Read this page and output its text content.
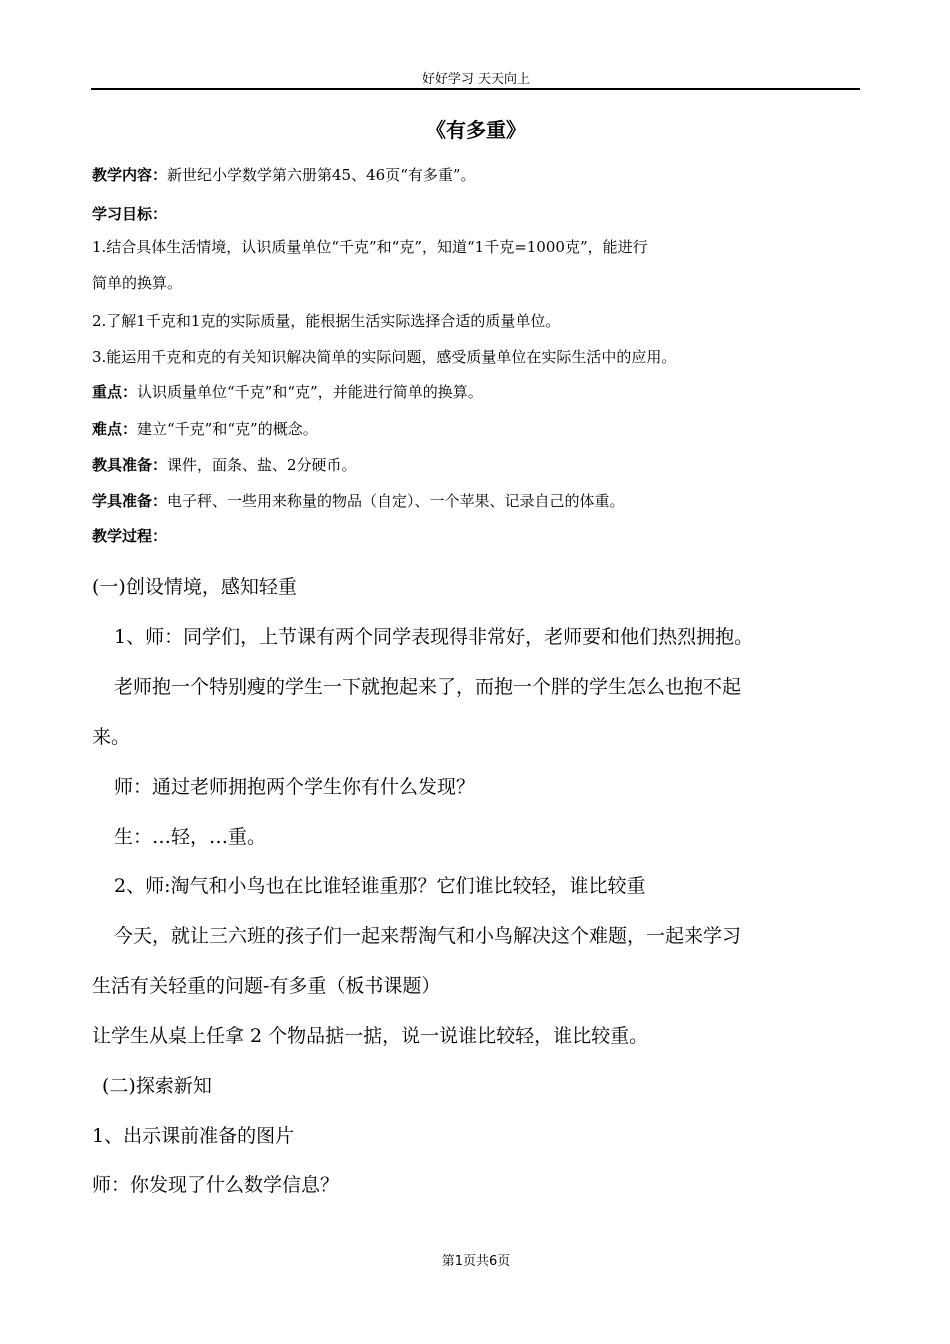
好好学习 天天向上
《有多重》
教学内容：新世纪小学数学第六册第45、46页“有多重”。
学习目标：
1.结合具体生活情境，认识质量单位“千克”和“克”，知道“1千克=1000克”，能进行
简单的换算。
2.了解1千克和1克的实际质量，能根据生活实际选择合适的质量单位。
3.能运用千克和克的有关知识解决简单的实际问题，感受质量单位在实际生活中的应用。
重点：认识质量单位“千克”和“克”，并能进行简单的换算。
难点：建立“千克”和“克”的概念。
教具准备：课件，面条、盐、2分硬币。
学具准备：电子秤、一些用来称量的物品（自定）、一个苹果、记录自己的体重。
教学过程：
(一)创设情境，感知轻重
1、师：同学们，上节课有两个同学表现得非常好，老师要和他们热烈拥抱。
老师抱一个特别瘦的学生一下就抱起来了，而抱一个胖的学生怎么也抱不起
来。
师：通过老师拥抱两个学生你有什么发现？
生：…轻，…重。
2、师:淘气和小鸟也在比谁轻谁重那？它们谁比较轻，谁比较重
今天，就让三六班的孩子们一起来帮淘气和小鸟解决这个难题，一起来学习
生活有关轻重的问题-有多重（板书课题）
让学生从桌上任拿 2 个物品掂一掂，说一说谁比较轻，谁比较重。
(二)探索新知
1、出示课前准备的图片
师：你发现了什么数学信息？
第1页共6页
